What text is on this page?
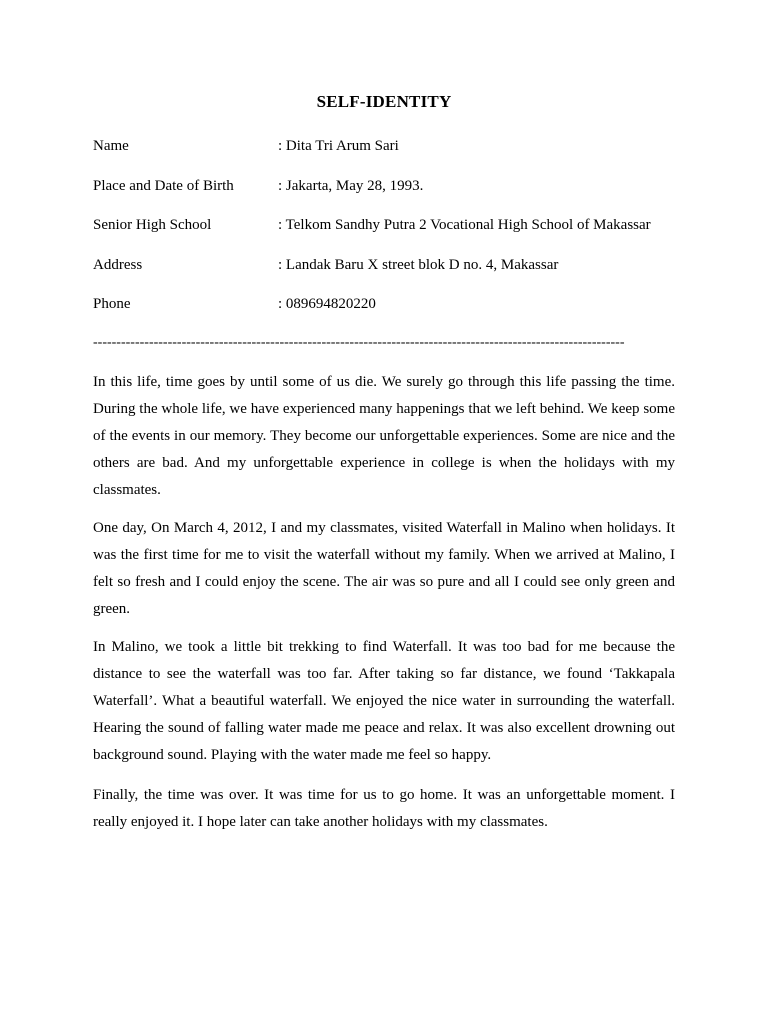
SELF-IDENTITY
Name	: Dita Tri Arum Sari
Place and Date of Birth	: Jakarta, May 28, 1993.
Senior High School	: Telkom Sandhy Putra 2 Vocational High School of Makassar
Address	: Landak Baru X street blok D no. 4, Makassar
Phone	: 089694820220
------------------------------------------------------------------------------------------------------------------

In this life, time goes by until some of us die. We surely go through this life passing the time. During the whole life, we have experienced many happenings that we left behind. We keep some of the events in our memory. They become our unforgettable experiences. Some are nice and the others are bad. And my unforgettable experience in college is when the holidays with my classmates.

One day, On March 4, 2012, I and my classmates, visited Waterfall in Malino when holidays. It was the first time for me to visit the waterfall without my family. When we arrived at Malino, I felt so fresh and I could enjoy the scene. The air was so pure and all I could see only green and green.

In Malino, we took a little bit trekking to find Waterfall. It was too bad for me because the distance to see the waterfall was too far. After taking so far distance, we found ‘Takkapala Waterfall’. What a beautiful waterfall. We enjoyed the nice water in surrounding the waterfall. Hearing the sound of falling water made me peace and relax. It was also excellent drowning out background sound. Playing with the water made me feel so happy.

Finally, the time was over. It was time for us to go home. It was an unforgettable moment. I really enjoyed it. I hope later can take another holidays with my classmates.
